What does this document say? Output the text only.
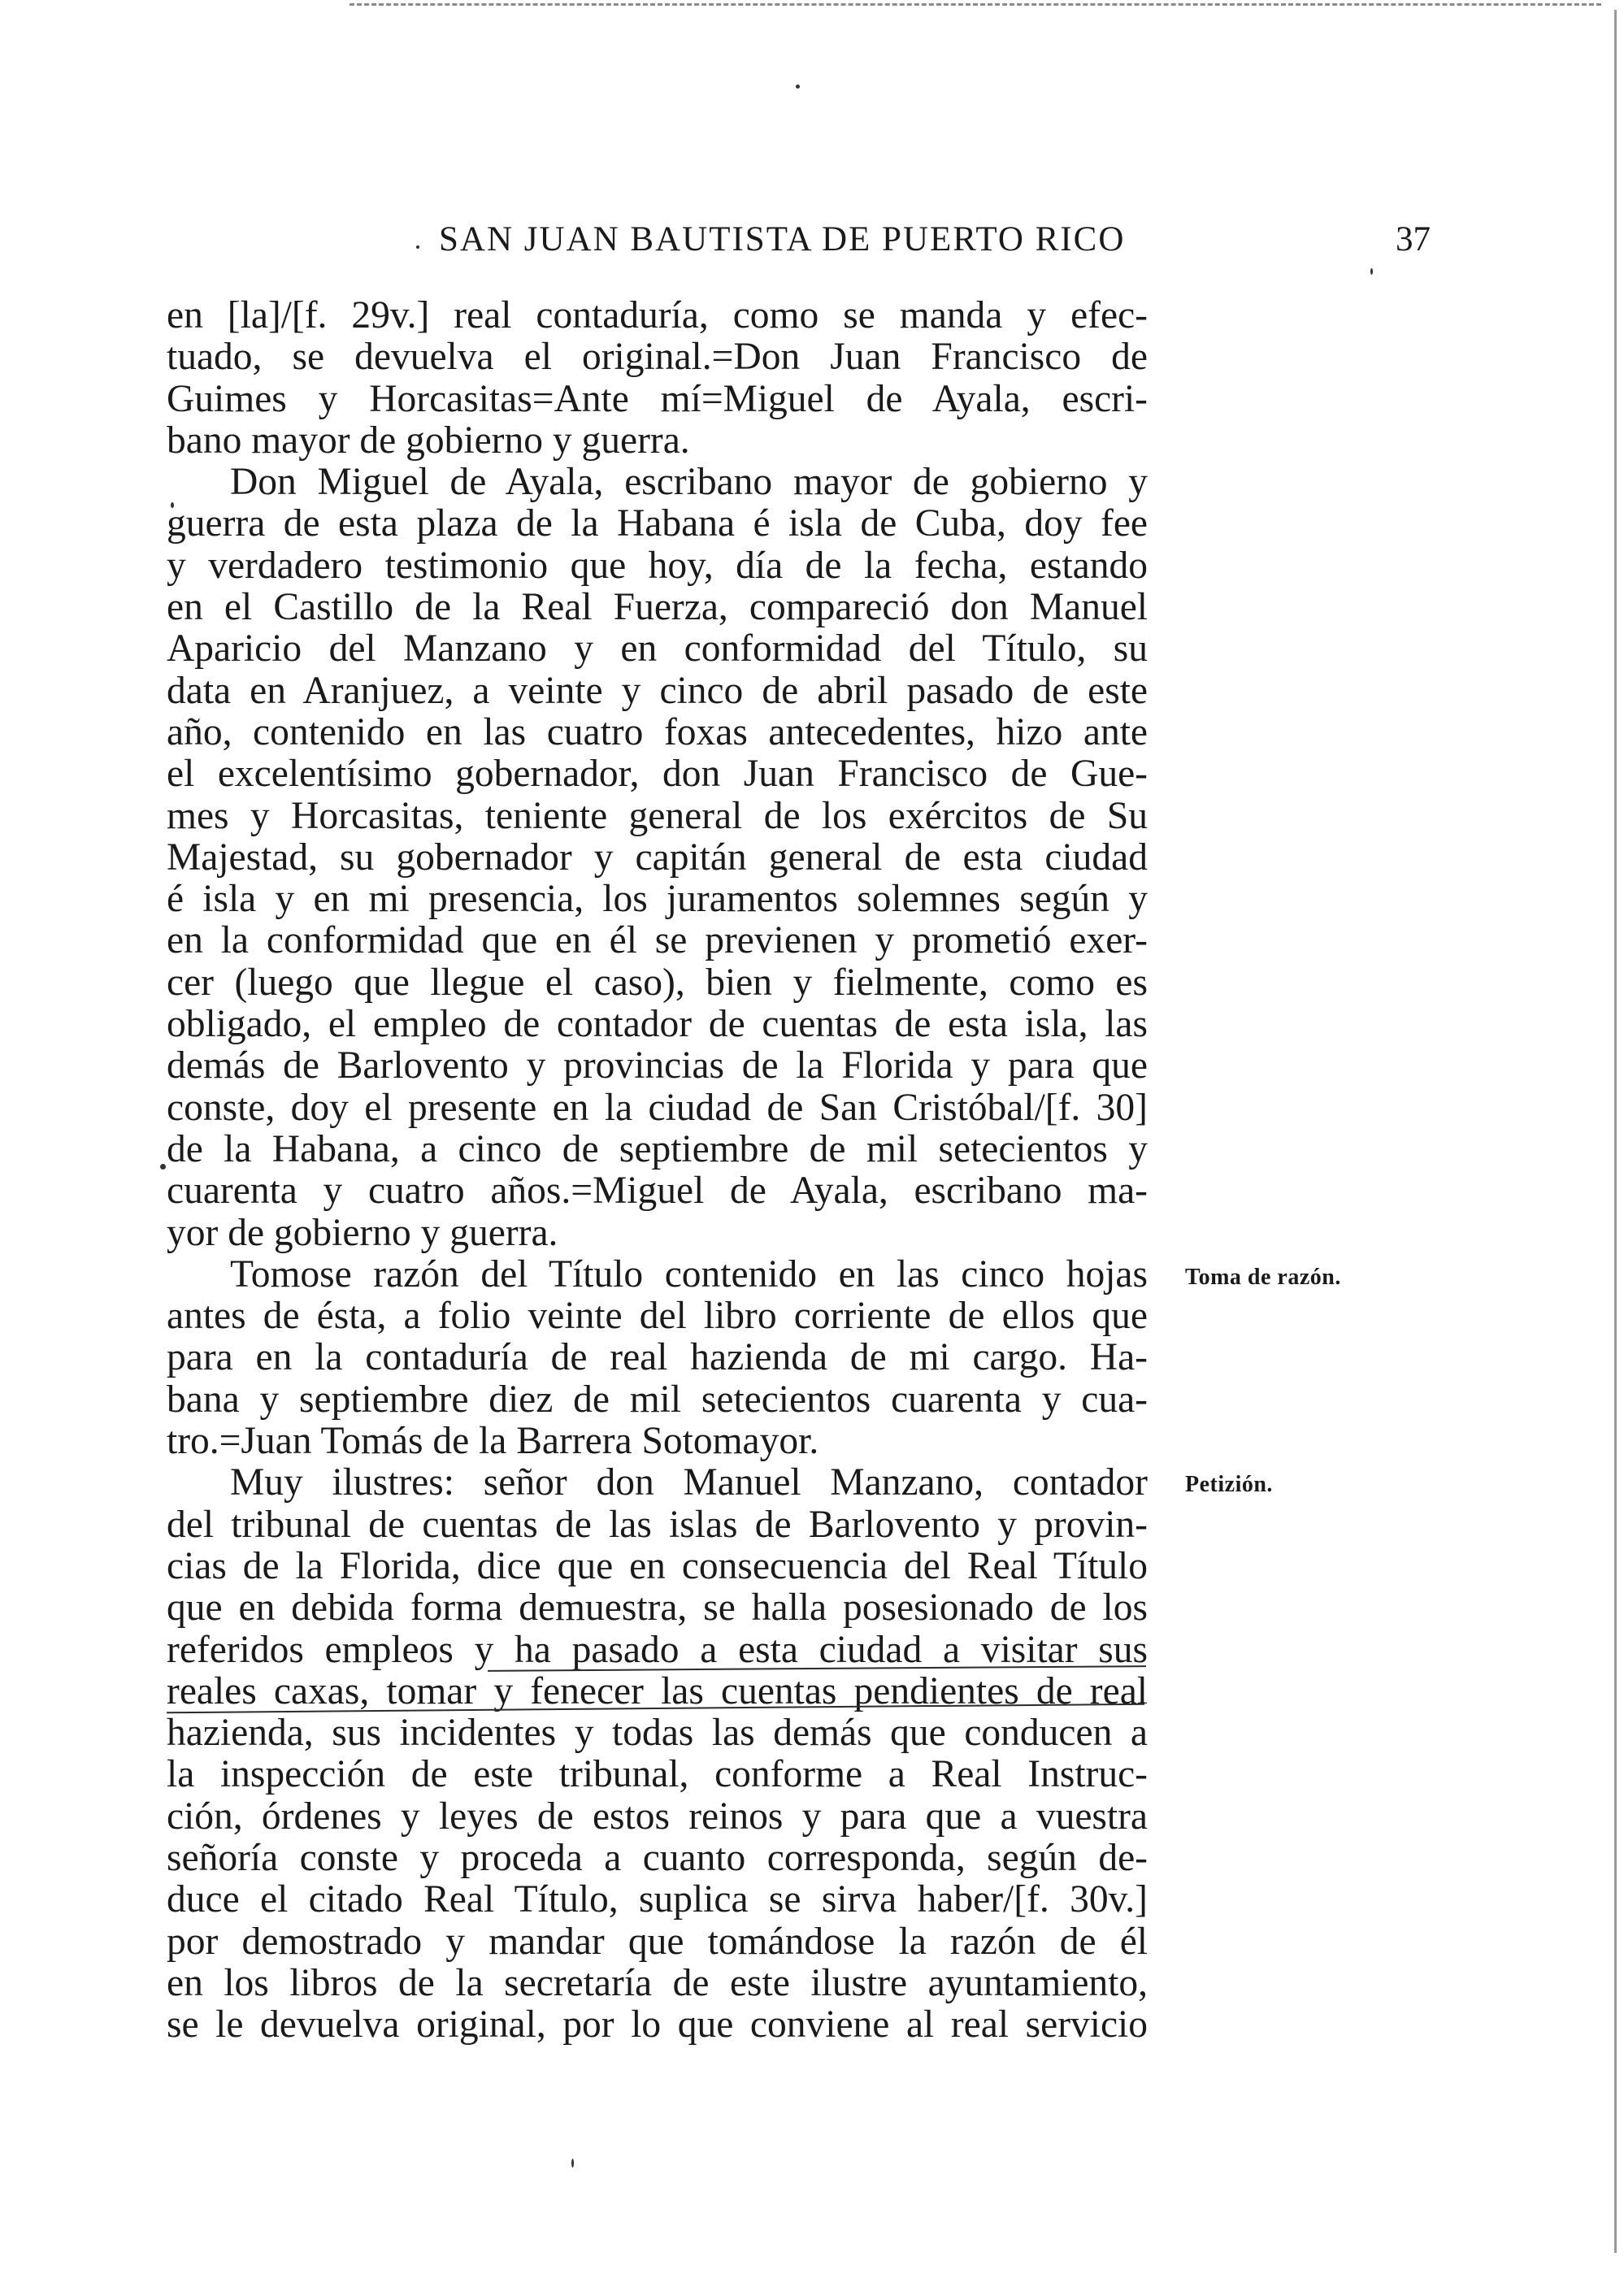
SAN JUAN BAUTISTA DE PUERTO RICO	37
en [la]/[f. 29v.] real contaduría, como se manda y efec-
tuado, se devuelva el original.=Don Juan Francisco de
Guimes y Horcasitas=Ante mí=Miguel de Ayala, escri-
bano mayor de gobierno y guerra.
Don Miguel de Ayala, escribano mayor de gobierno y
guerra de esta plaza de la Habana é isla de Cuba, doy fee
y verdadero testimonio que hoy, día de la fecha, estando
en el Castillo de la Real Fuerza, compareció don Manuel
Aparicio del Manzano y en conformidad del Título, su
data en Aranjuez, a veinte y cinco de abril pasado de este
año, contenido en las cuatro foxas antecedentes, hizo ante
el excelentísimo gobernador, don Juan Francisco de Gue-
mes y Horcasitas, teniente general de los exércitos de Su
Majestad, su gobernador y capitán general de esta ciudad
é isla y en mi presencia, los juramentos solemnes según y
en la conformidad que en él se previenen y prometió exer-
cer (luego que llegue el caso), bien y fielmente, como es
obligado, el empleo de contador de cuentas de esta isla, las
demás de Barlovento y provincias de la Florida y para que
conste, doy el presente en la ciudad de San Cristóbal/[f. 30]
de la Habana, a cinco de septiembre de mil setecientos y
cuarenta y cuatro años.=Miguel de Ayala, escribano ma-
yor de gobierno y guerra.
Tomose razón del Título contenido en las cinco hojas
antes de ésta, a folio veinte del libro corriente de ellos que
para en la contaduría de real hazienda de mi cargo. Ha-
bana y septiembre diez de mil setecientos cuarenta y cua-
tro.=Juan Tomás de la Barrera Sotomayor.
Muy ilustres: señor don Manuel Manzano, contador
del tribunal de cuentas de las islas de Barlovento y provin-
cias de la Florida, dice que en consecuencia del Real Título
que en debida forma demuestra, se halla posesionado de los
referidos empleos y ha pasado a esta ciudad a visitar sus
reales caxas, tomar y fenecer las cuentas pendientes de real
hazienda, sus incidentes y todas las demás que conducen a
la inspección de este tribunal, conforme a Real Instruc-
ción, órdenes y leyes de estos reinos y para que a vuestra
señoría conste y proceda a cuanto corresponda, según de-
duce el citado Real Título, suplica se sirva haber/[f. 30v.]
por demostrado y mandar que tomándose la razón de él
en los libros de la secretaría de este ilustre ayuntamiento,
se le devuelva original, por lo que conviene al real servicio
Toma de razón.
Petizión.
